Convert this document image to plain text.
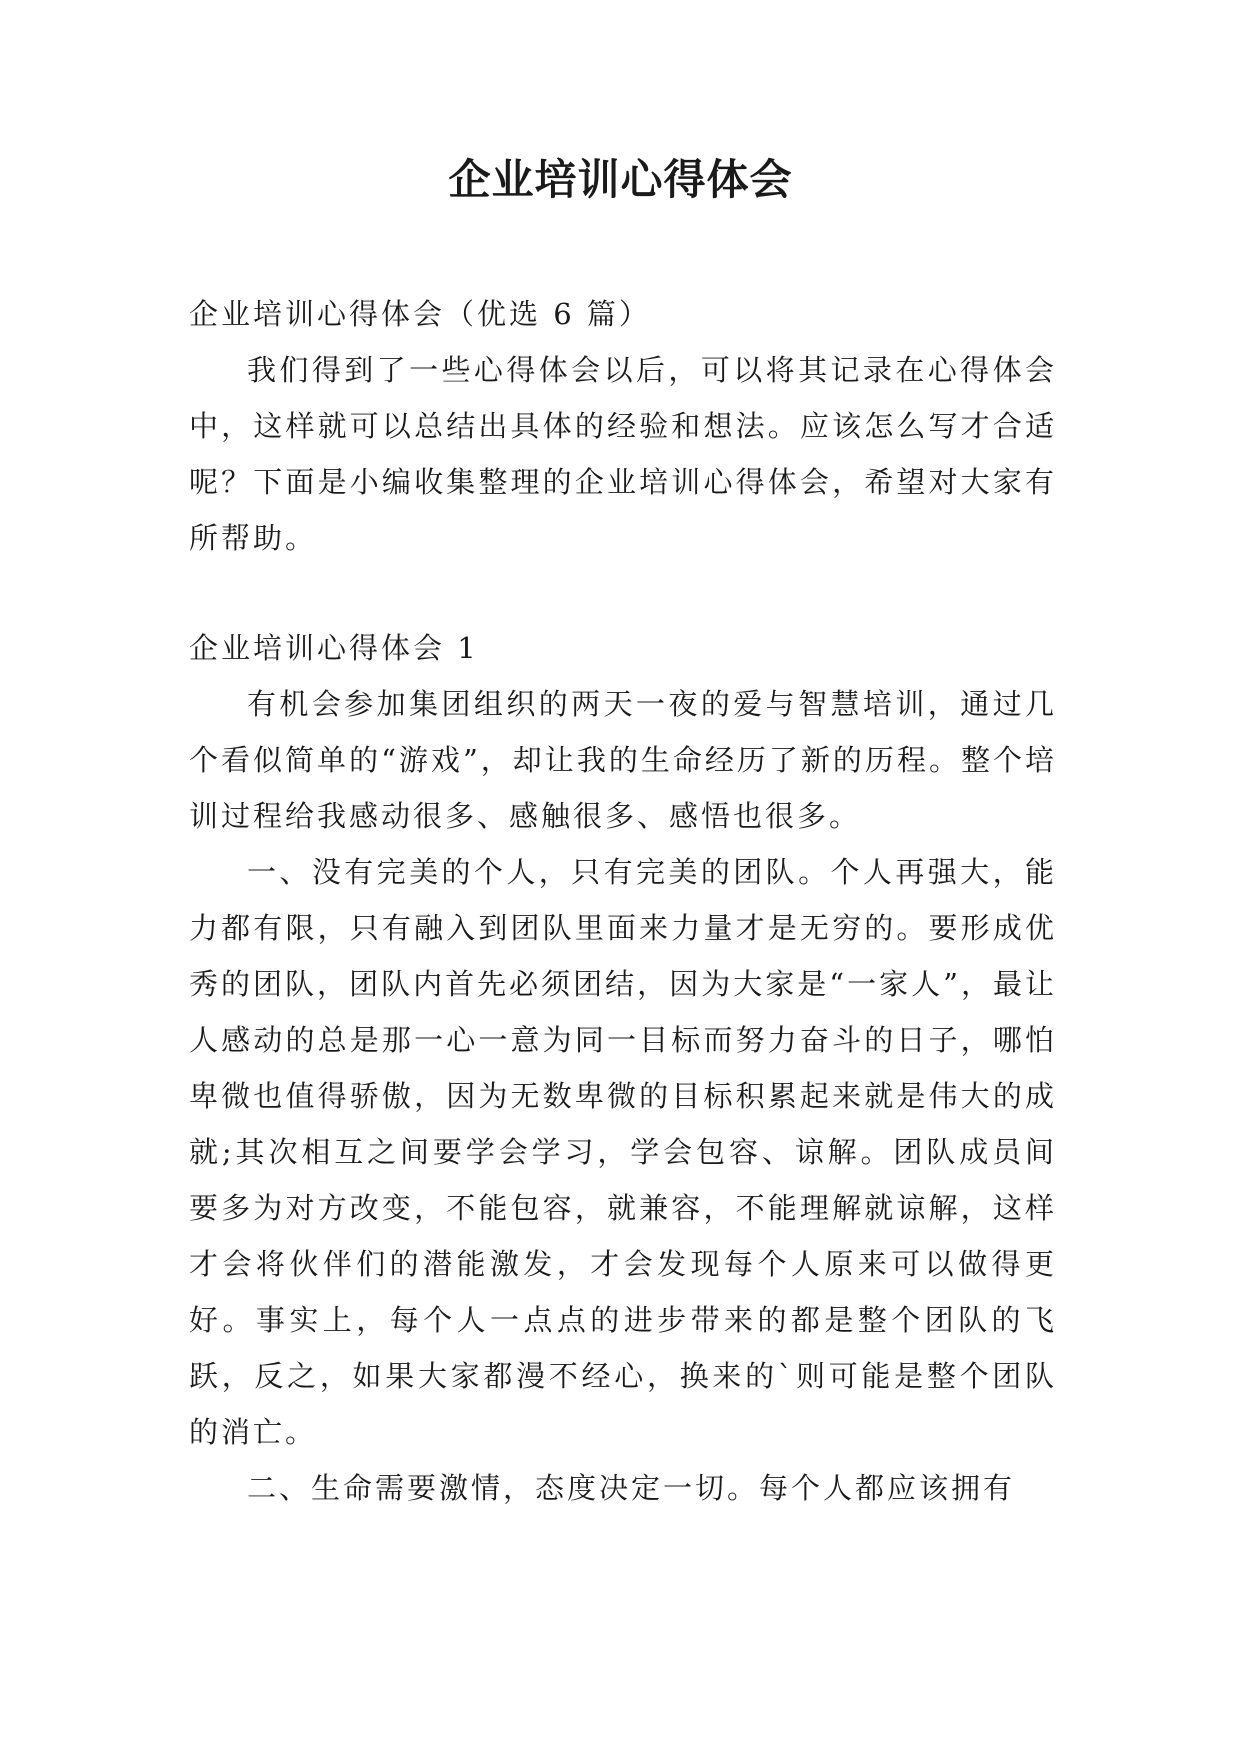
企业培训心得体会

企业培训心得体会（优选 6 篇）

我们得到了一些心得体会以后，可以将其记录在心得体会中，这样就可以总结出具体的经验和想法。应该怎么写才合适呢？下面是小编收集整理的企业培训心得体会，希望对大家有所帮助。

企业培训心得体会 1

有机会参加集团组织的两天一夜的爱与智慧培训，通过几个看似简单的“游戏”，却让我的生命经历了新的历程。整个培训过程给我感动很多、感触很多、感悟也很多。

一、没有完美的个人，只有完美的团队。个人再强大，能力都有限，只有融入到团队里面来力量才是无穷的。要形成优秀的团队，团队内首先必须团结，因为大家是“一家人”，最让人感动的总是那一心一意为同一目标而努力奋斗的日子，哪怕卑微也值得骄傲，因为无数卑微的目标积累起来就是伟大的成就;其次相互之间要学会学习，学会包容、谅解。团队成员间要多为对方改变，不能包容，就兼容，不能理解就谅解，这样才会将伙伴们的潜能激发，才会发现每个人原来可以做得更好。事实上，每个人一点点的进步带来的都是整个团队的飞跃，反之，如果大家都漫不经心，换来的`则可能是整个团队的消亡。

二、生命需要激情，态度决定一切。每个人都应该拥有
